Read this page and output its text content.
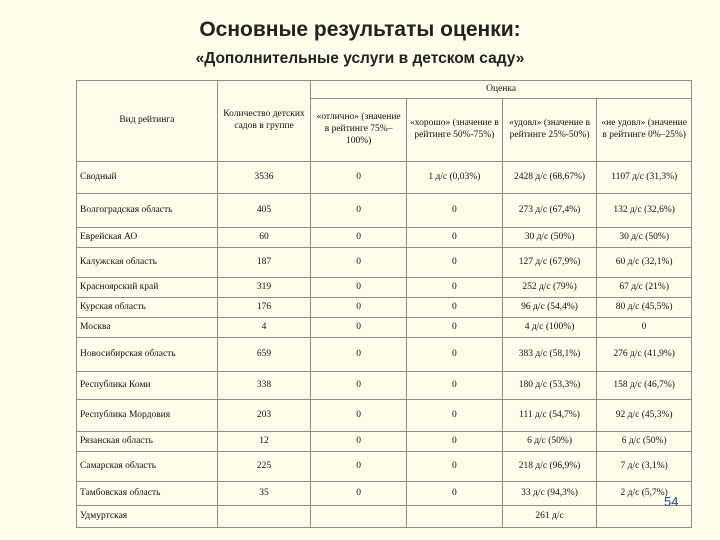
Основные результаты оценки:
«Дополнительные услуги в детском саду»
Вид рейтинга	Количество детских садов в группе	Оценка			
		«отлично» (значение в рейтинге 75%–100%)	«хорошо» (значение в рейтинге 50%-75%)	«удовл» (значение в рейтинге 25%-50%)	«не удовл» (значение в рейтинге 0%–25%)
Сводный	3536	0	1 д/с (0,03%)	2428 д/с (68,67%)	1107 д/с (31,3%)
Волгоградская область	405	0	0	273 д/с (67,4%)	132 д/с (32,6%)
Еврейская АО	60	0	0	30 д/с (50%)	30 д/с (50%)
Калужская область	187	0	0	127 д/с (67,9%)	60 д/с (32,1%)
Красноярский край	319	0	0	252 д/с (79%)	67 д/с (21%)
Курская область	176	0	0	96 д/с (54,4%)	80 д/с (45,5%)
Москва	4	0	0	4 д/с (100%)	0
Новосибирская область	659	0	0	383 д/с (58,1%)	276 д/с (41,9%)
Республика Коми	338	0	0	180 д/с (53,3%)	158 д/с (46,7%)
Республика Мордовия	203	0	0	111 д/с (54,7%)	92 д/с (45,3%)
Рязанская область	12	0	0	6 д/с (50%)	6 д/с (50%)
Самарская область	225	0	0	218 д/с (96,9%)	7 д/с (3,1%)
Тамбовская область	35	0	0	33 д/с (94,3%)	2 д/с (5,7%)
Удмуртская				261 д/с	
54
